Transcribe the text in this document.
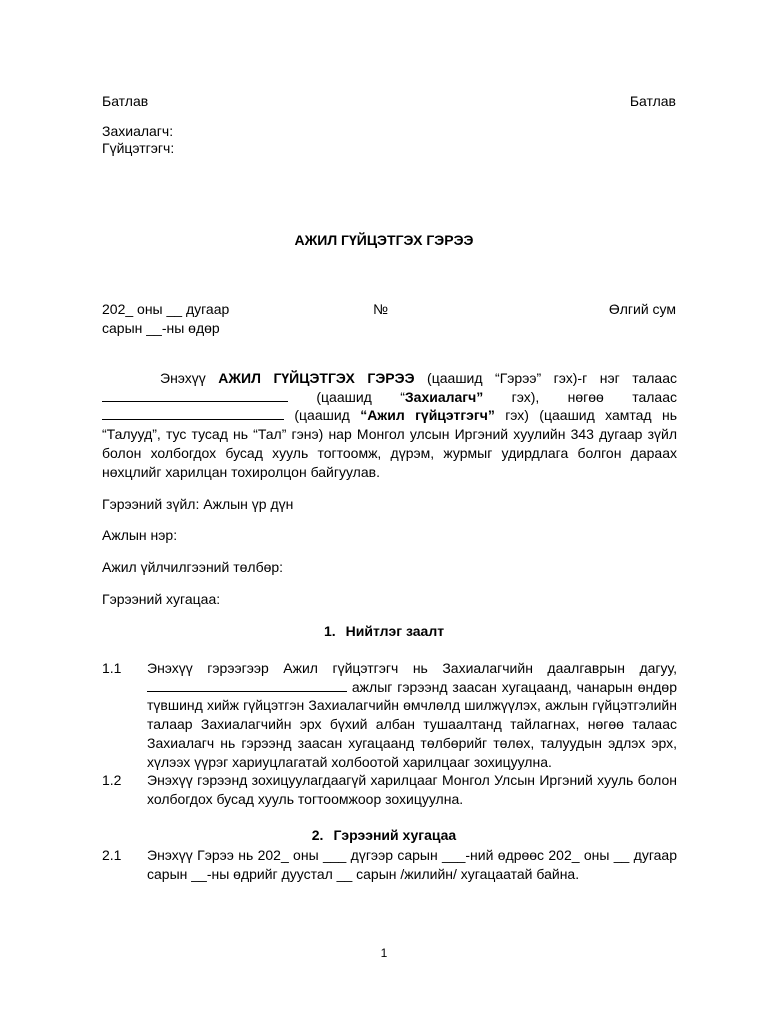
Батлав	Батлав
Захиалагч:
Гүйцэтгэгч:
АЖИЛ ГҮЙЦЭТГЭХ ГЭРЭЭ
202_ оны __ дугаар
сарын __-ны өдөр
№	Өлгий сум
Энэхүү АЖИЛ ГҮЙЦЭТГЭХ ГЭРЭЭ (цаашид “Гэрээ” гэх)-г нэг талаас  (цаашид “Захиалагч” гэх), нөгөө талаас  (цаашид “Ажил гүйцэтгэгч” гэх) (цаашид хамтад нь “Талууд”, тус тусад нь “Тал” гэнэ) нар Монгол улсын Иргэний хуулийн 343 дугаар зүйл болон холбогдох бусад хууль тогтоомж, дүрэм, журмыг удирдлага болгон дараах нөхцлийг харилцан тохиролцон байгуулав.
Гэрээний зүйл: Ажлын үр дүн
Ажлын нэр:
Ажил үйлчилгээний төлбөр:
Гэрээний хугацаа:
1. Нийтлэг заалт
1.1 Энэхүү гэрээгээр Ажил гүйцэтгэгч нь Захиалагчийн даалгаврын дагуу,  ажлыг гэрээнд заасан хугацаанд, чанарын өндөр түвшинд хийж гүйцэтгэн Захиалагчийн өмчлөлд шилжүүлэх, ажлын гүйцэтгэлийн талаар Захиалагчийн эрх бүхий албан тушаалтанд тайлагнах, нөгөө талаас Захиалагч нь гэрээнд заасан хугацаанд төлбөрийг төлөх, талуудын эдлэх эрх, хүлээх үүрэг хариуцлагатай холбоотой харилцааг зохицуулна.
1.2 Энэхүү гэрээнд зохицуулагдаагүй харилцааг Монгол Улсын Иргэний хууль болон холбогдох бусад хууль тогтоомжоор зохицуулна.
2. Гэрээний хугацаа
2.1 Энэхүү Гэрээ нь 202_ оны ___ дүгээр сарын ___-ний өдрөөс 202_ оны __ дугаар сарын __-ны өдрийг дуустал __ сарын /жилийн/ хугацаатай байна.
1
